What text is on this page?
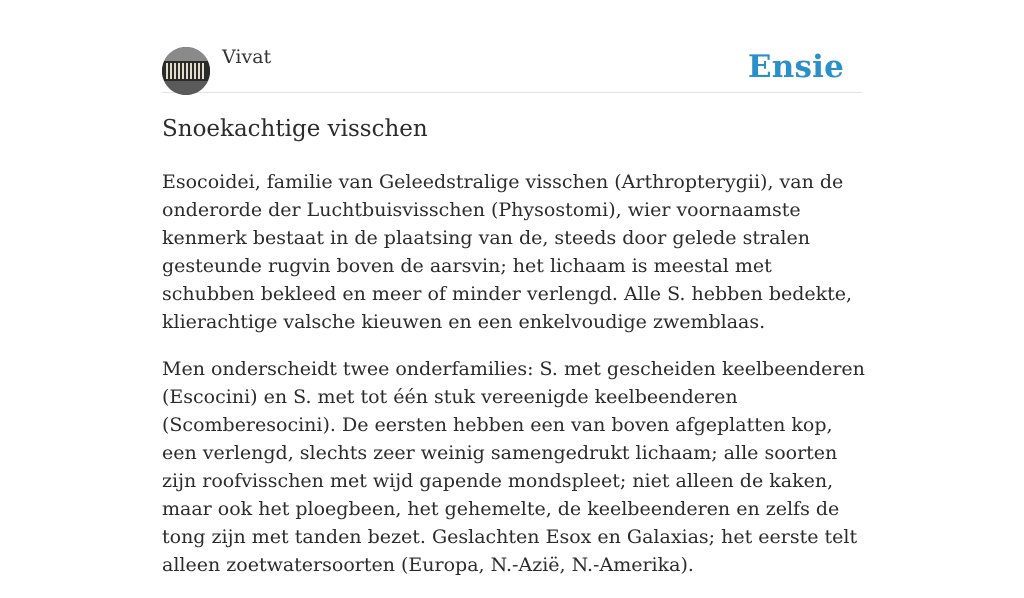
Vivat	Ensie
Snoekachtige visschen

Esocoidei, familie van Geleedstralige visschen (Arthropterygii), van de onderorde der Luchtbuisvisschen (Physostomi), wier voornaamste kenmerk bestaat in de plaatsing van de, steeds door gelede stralen gesteunde rugvin boven de aarsvin; het lichaam is meestal met schubben bekleed en meer of minder verlengd. Alle S. hebben bedekte, klierachtige valsche kieuwen en een enkelvoudige zwemblaas.

Men onderscheidt twee onderfamilies: S. met gescheiden keelbeenderen (Escocini) en S. met tot één stuk vereenigde keelbeenderen (Scomberesocini). De eersten hebben een van boven afgeplatten kop, een verlengd, slechts zeer weinig samengedrukt lichaam; alle soorten zijn roofvisschen met wijd gapende mondspleet; niet alleen de kaken, maar ook het ploegbeen, het gehemelte, de keelbeenderen en zelfs de tong zijn met tanden bezet. Geslachten Esox en Galaxias; het eerste telt alleen zoetwatersoorten (Europa, N.-Azië, N.-Amerika).
